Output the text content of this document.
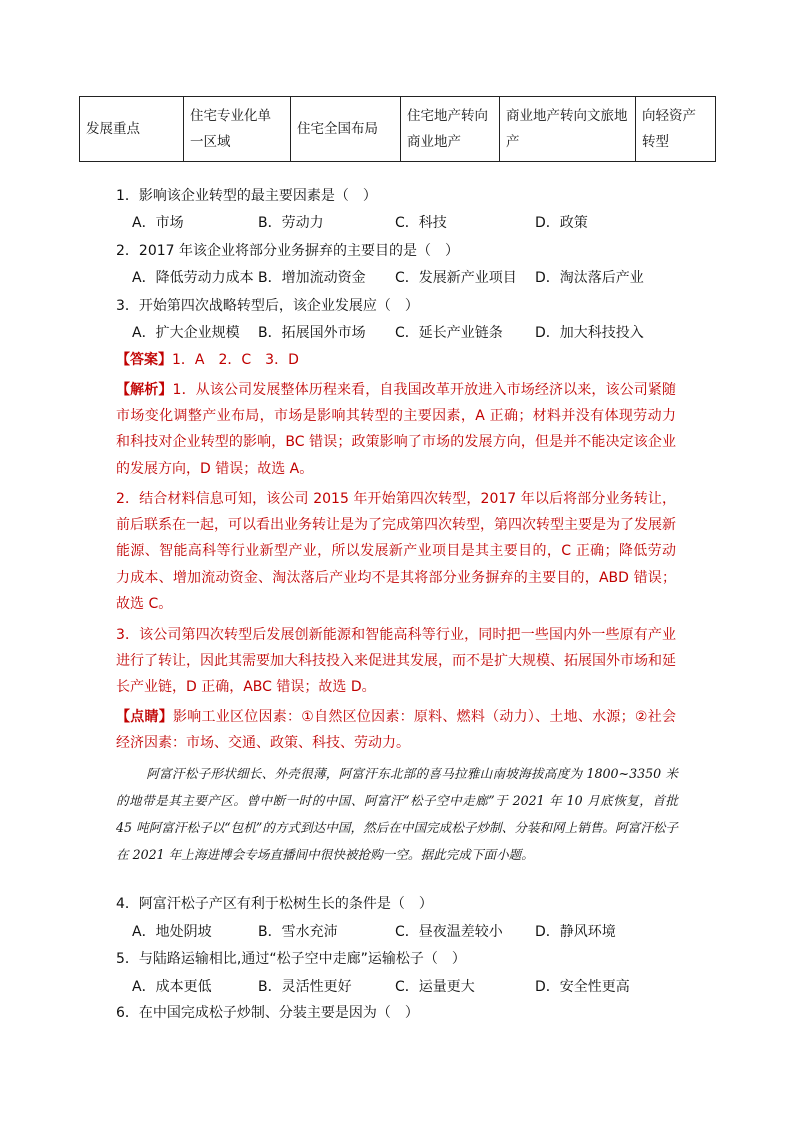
发展重点	住宅专业化单一区域	住宅全国布局	住宅地产转向商业地产	商业地产转向文旅地产	向轻资产转型
1．影响该企业转型的最主要因素是（　）
A．市场	B．劳动力	C．科技	D．政策
2．2017 年该企业将部分业务摒弃的主要目的是（　）
A．降低劳动力成本 B．增加流动资金 C．发展新产业项目 D．淘汰落后产业
3．开始第四次战略转型后，该企业发展应（　）
A．扩大企业规模 B．拓展国外市场 C．延长产业链条 D．加大科技投入
【答案】1．A　2．C　3．D
【解析】1．从该公司发展整体历程来看，自我国改革开放进入市场经济以来，该公司紧随市场变化调整产业布局，市场是影响其转型的主要因素，A 正确；材料并没有体现劳动力和科技对企业转型的影响，BC 错误；政策影响了市场的发展方向，但是并不能决定该企业的发展方向，D 错误；故选 A。
2．结合材料信息可知，该公司 2015 年开始第四次转型，2017 年以后将部分业务转让，前后联系在一起，可以看出业务转让是为了完成第四次转型，第四次转型主要是为了发展新能源、智能高科等行业新型产业，所以发展新产业项目是其主要目的，C 正确；降低劳动力成本、增加流动资金、淘汰落后产业均不是其将部分业务摒弃的主要目的，ABD 错误；故选 C。
3．该公司第四次转型后发展创新能源和智能高科等行业，同时把一些国内外一些原有产业进行了转让，因此其需要加大科技投入来促进其发展，而不是扩大规模、拓展国外市场和延长产业链，D 正确，ABC 错误；故选 D。
【点睛】影响工业区位因素：①自然区位因素：原料、燃料（动力）、土地、水源；②社会经济因素：市场、交通、政策、科技、劳动力。
阿富汗松子形状细长、外壳很薄，阿富汗东北部的喜马拉雅山南坡海拔高度为 1800~3350 米的地带是其主要产区。曾中断一时的中国、阿富汗“松子空中走廊”于 2021 年 10 月底恢复，首批 45 吨阿富汗松子以“包机”的方式到达中国，然后在中国完成松子炒制、分装和网上销售。阿富汗松子在 2021 年上海进博会专场直播间中很快被抢购一空。据此完成下面小题。
4．阿富汗松子产区有利于松树生长的条件是（　）
A．地处阴坡	B．雪水充沛	C．昼夜温差较小 D．静风环境
5．与陆路运输相比,通过“松子空中走廊”运输松子（　）
A．成本更低	B．灵活性更好	C．运量更大	D．安全性更高
6．在中国完成松子炒制、分装主要是因为（　）
